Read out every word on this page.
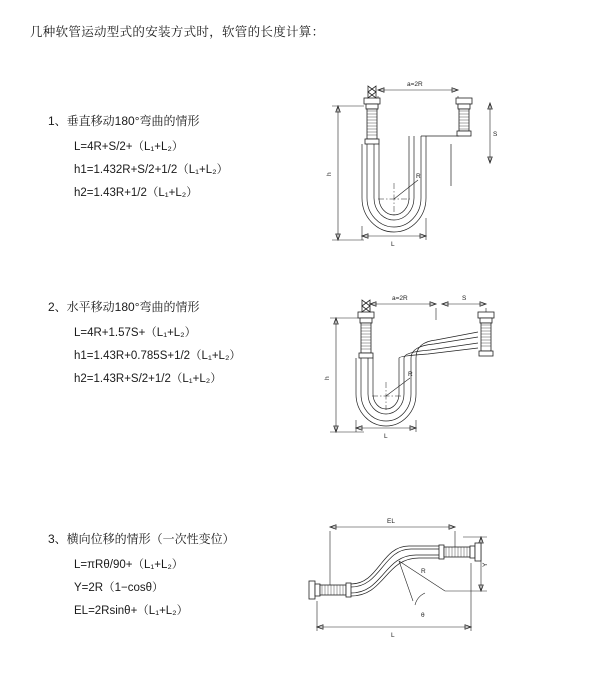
几种软管运动型式的安装方式时，软管的长度计算：
1、垂直移动180°弯曲的情形
L=4R+S/2+（L₁+L₂）
h1=1.432R+S/2+1/2（L₁+L₂）
h2=1.43R+1/2（L₁+L₂）
a=2R
S
h	R
L
2、水平移动180°弯曲的情形
L=4R+1.57S+（L₁+L₂）
h1=1.43R+0.785S+1/2（L₁+L₂）
h2=1.43R+S/2+1/2（L₁+L₂）
a=2R	S
h
R
L
3、横向位移的情形（一次性变位）
L=πRθ/90+（L₁+L₂）
Y=2R（1−cosθ）
EL=2Rsinθ+（L₁+L₂）
EL
Y
R
θ
L
